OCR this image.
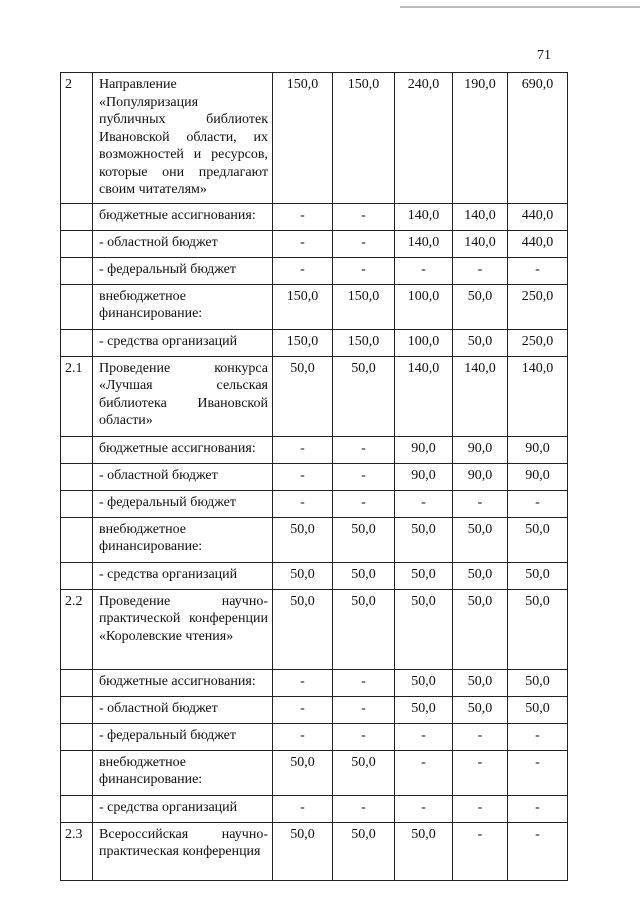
71
2	Направление «Популяризация публичных библиотек Ивановской области, их возможностей и ресурсов, которые они предлагают своим читателям»	150,0	150,0	240,0	190,0	690,0

	бюджетные ассигнования:	-	-	140,0	140,0	440,0

	- областной бюджет	-	-	140,0	140,0	440,0

	- федеральный бюджет	-	-	-	-	-

	внебюджетное финансирование:	150,0	150,0	100,0	50,0	250,0

	- средства организаций	150,0	150,0	100,0	50,0	250,0
2.1	Проведение конкурса «Лучшая сельская библиотека Ивановской области»	50,0	50,0	140,0	140,0	140,0

	бюджетные ассигнования:	-	-	90,0	90,0	90,0

	- областной бюджет	-	-	90,0	90,0	90,0

	- федеральный бюджет	-	-	-	-	-

	внебюджетное финансирование:	50,0	50,0	50,0	50,0	50,0

	- средства организаций	50,0	50,0	50,0	50,0	50,0
2.2	Проведение научно-практической конференции «Королевские чтения»	50,0	50,0	50,0	50,0	50,0

	бюджетные ассигнования:	-	-	50,0	50,0	50,0

	- областной бюджет	-	-	50,0	50,0	50,0

	- федеральный бюджет	-	-	-	-	-

	внебюджетное финансирование:	50,0	50,0	-	-	-

	- средства организаций	-	-	-	-	-
2.3	Всероссийская научно-практическая конференция	50,0	50,0	50,0	-	-
